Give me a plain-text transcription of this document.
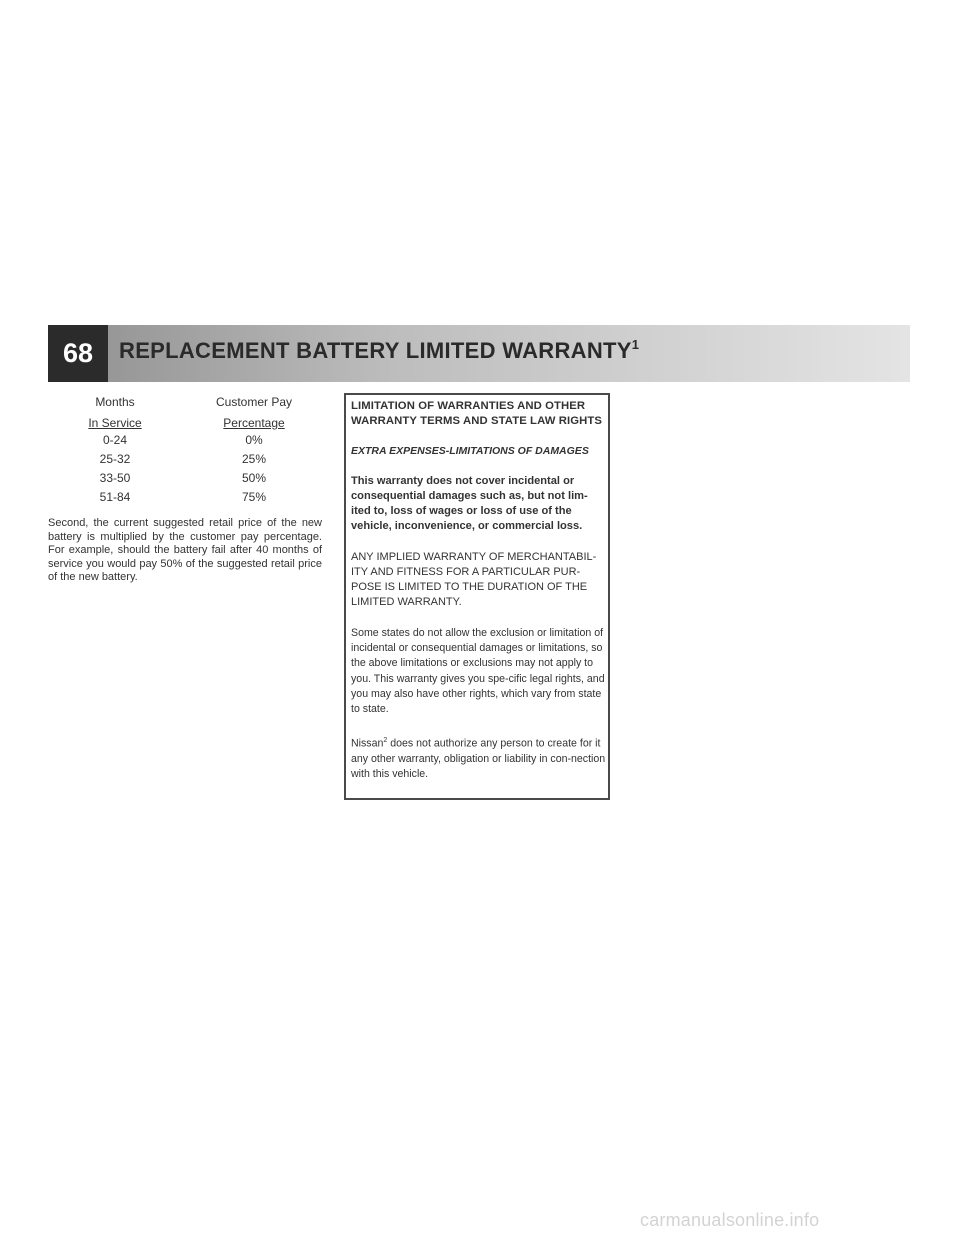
68	REPLACEMENT BATTERY LIMITED WARRANTY$^1$
Months	Customer Pay
In Service	Percentage
0-24	0%
25-32	25%
33-50	50%
51-84	75%

Second, the current suggested retail price of the new battery is multiplied by the customer pay percentage. For example, should the battery fail after 40 months of service you would pay 50% of the suggested retail price of the new battery.

LIMITATION OF WARRANTIES AND OTHER WARRANTY TERMS AND STATE LAW RIGHTS

EXTRA EXPENSES-LIMITATIONS OF DAMAGES

This warranty does not cover incidental or consequential damages such as, but not lim-ited to, loss of wages or loss of use of the vehicle, inconvenience, or commercial loss.

ANY IMPLIED WARRANTY OF MERCHANTABIL-ITY AND FITNESS FOR A PARTICULAR PUR-POSE IS LIMITED TO THE DURATION OF THE LIMITED WARRANTY.

Some states do not allow the exclusion or limitation of incidental or consequential damages or limitations, so the above limitations or exclusions may not apply to you. This warranty gives you spe-cific legal rights, and you may also have other rights, which vary from state to state.

Nissan$^2$ does not authorize any person to create for it any other warranty, obligation or liability in con-nection with this vehicle.

carmanualsonline.info
